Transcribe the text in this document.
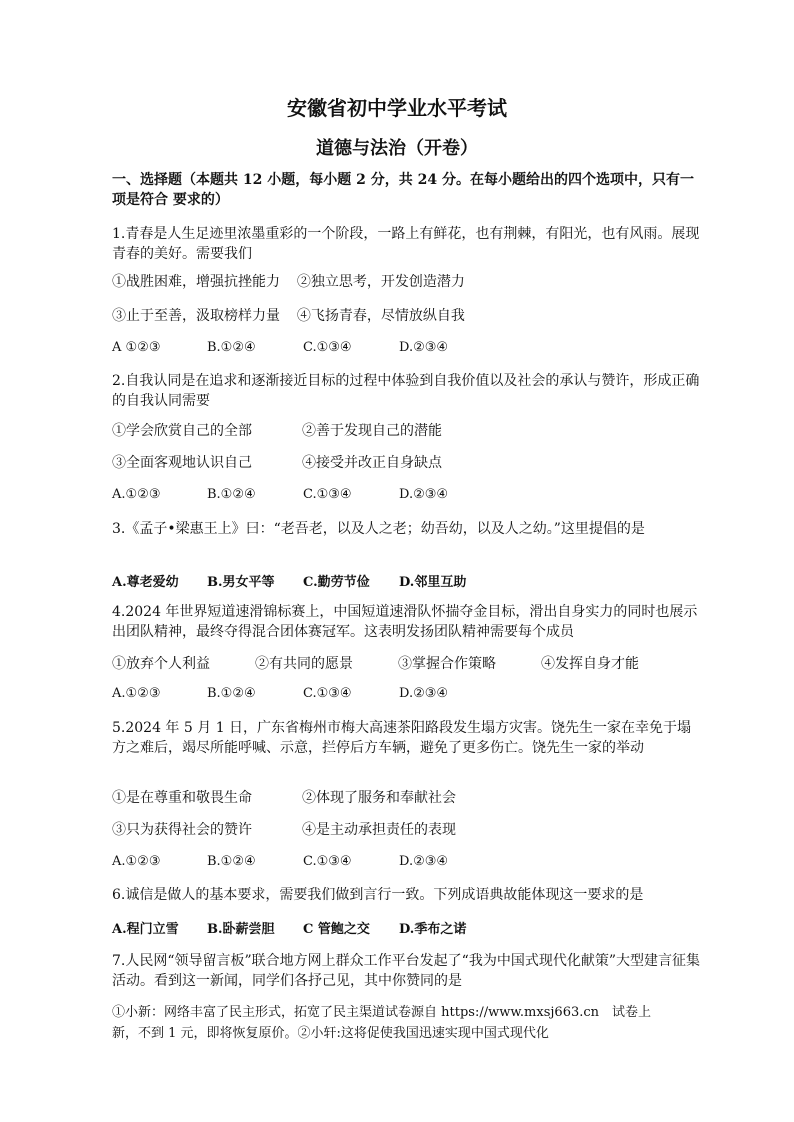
安徽省初中学业水平考试
道德与法治（开卷）
一、选择题（本题共 12 小题，每小题 2 分，共 24 分。在每小题给出的四个选项中，只有一项是符合 要求的）
1.青春是人生足迹里浓墨重彩的一个阶段，一路上有鲜花，也有荆棘，有阳光，也有风雨。展现青春的美好。需要我们
①战胜困难，增强抗挫能力 ②独立思考，开发创造潜力
③止于至善，汲取榜样力量 ④飞扬青春，尽情放纵自我
A ①②③	B.①②④	C.①③④	D.②③④
2.自我认同是在追求和逐渐接近目标的过程中体验到自我价值以及社会的承认与赞许，形成正确的自我认同需要
①学会欣赏自己的全部	②善于发现自己的潜能
③全面客观地认识自己	④接受并改正自身缺点
A.①②③	B.①②④	C.①③④	D.②③④
3.《孟子•梁惠王上》曰：“老吾老，以及人之老；幼吾幼，以及人之幼。”这里提倡的是
A.尊老爱幼 B.男女平等 C.勤劳节俭 D.邻里互助
4.2024 年世界短道速滑锦标赛上，中国短道速滑队怀揣夺金目标，滑出自身实力的同时也展示出团队精神，最终夺得混合团体赛冠军。这表明发扬团队精神需要每个成员
①放弃个人利益	②有共同的愿景	③掌握合作策略	④发挥自身才能
A.①②③	B.①②④	C.①③④	D.②③④
5.2024 年 5 月 1 日，广东省梅州市梅大高速茶阳路段发生塌方灾害。饶先生一家在幸免于塌方之难后，竭尽所能呼喊、示意，拦停后方车辆，避免了更多伤亡。饶先生一家的举动
①是在尊重和敬畏生命	②体现了服务和奉献社会
③只为获得社会的赞许	④是主动承担责任的表现
A.①②③	B.①②④	C.①③④	D.②③④
6.诚信是做人的基本要求，需要我们做到言行一致。下列成语典故能体现这一要求的是
A.程门立雪 B.卧薪尝胆 C 管鲍之交 D.季布之诺
7.人民网“领导留言板”联合地方网上群众工作平台发起了“我为中国式现代化献策”大型建言征集活动。看到这一新闻，同学们各抒己见，其中你赞同的是
①小新：网络丰富了民主形式，拓宽了民主渠道试卷源自 https://www.mxsj663.cn　试卷上
新，不到 1 元，即将恢复原价。②小轩:这将促使我国迅速实现中国式现代化
